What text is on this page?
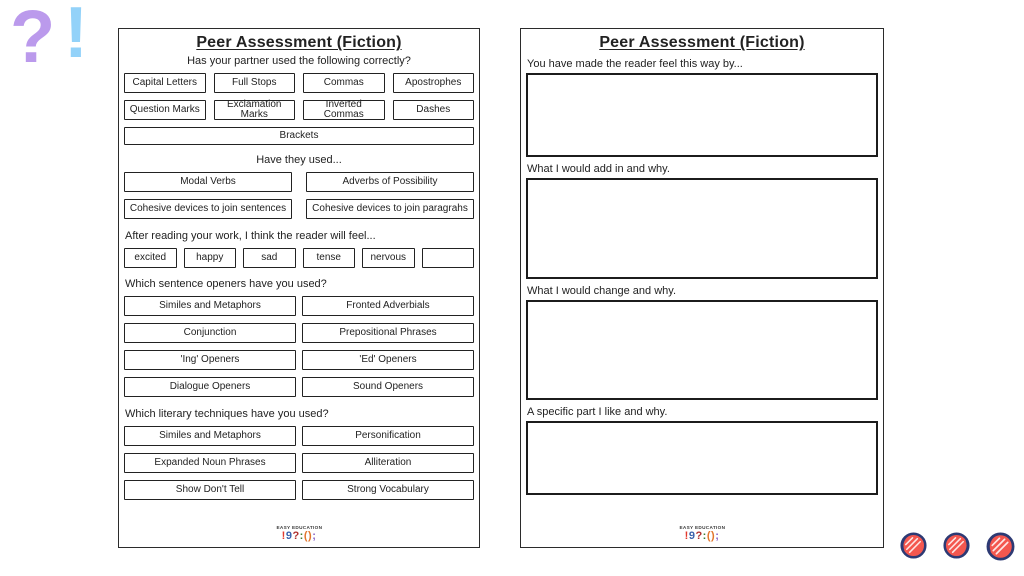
? !	Peer Assessment (Fiction)
Has your partner used the following correctly?
Capital Letters	Full Stops	Commas	Apostrophes
Question Marks	Exclamation Marks
Inverted Commas	Dashes
Brackets
Have they used...
Modal Verbs	Adverbs of Possibility
Cohesive devices to join sentences	Cohesive devices to join paragrahs
After reading your work, I think the reader will feel...
excited	happy	sad	tense	nervous
Which sentence openers have you used?
Similes and Metaphors	Fronted Adverbials
Conjunction	Prepositional Phrases
'Ing' Openers	'Ed' Openers
Dialogue Openers	Sound Openers
Which literary techniques have you used?
Similes and Metaphors	Personification
Expanded Noun Phrases	Alliteration
Show Don't Tell	Strong Vocabulary
EASY EDUCATION
!9?:();
Peer Assessment (Fiction)
You have made the reader feel this way by...
What I would add in and why.
What I would change and why.
A specific part I like and why.
EASY EDUCATION
!9?:();
